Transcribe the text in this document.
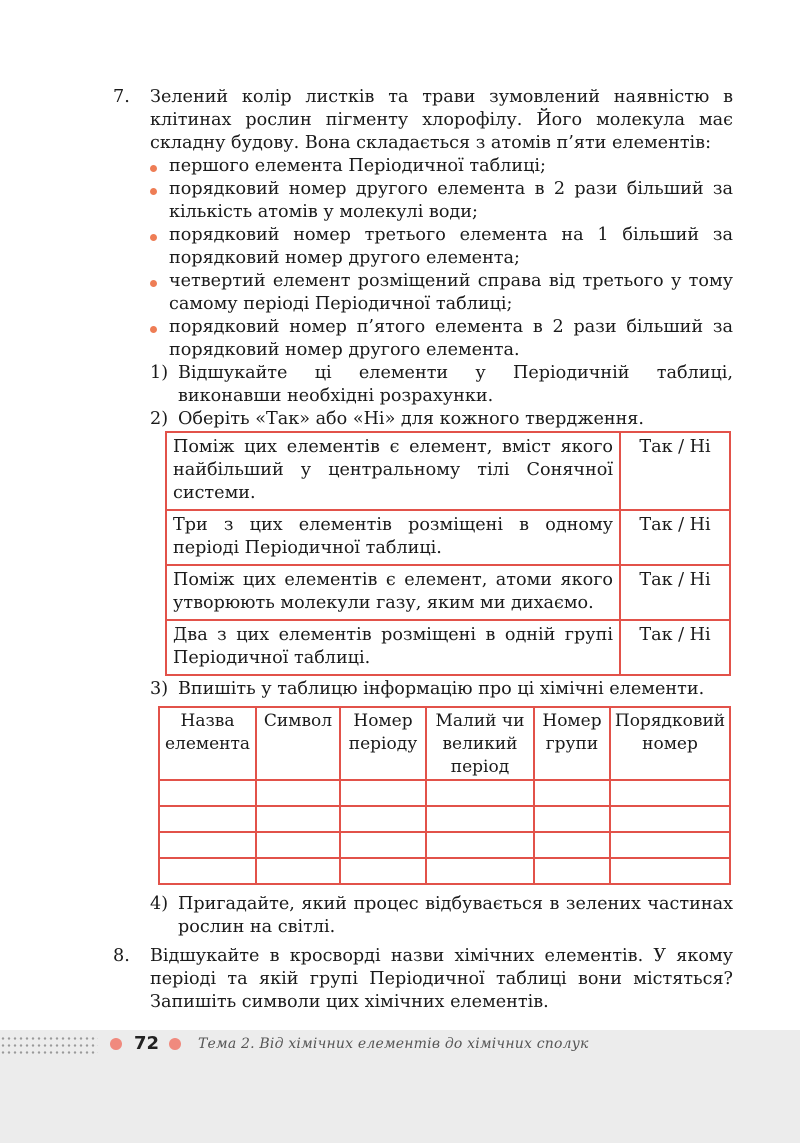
7.	Зелений колір листків та трави зумовлений наявністю в клітинах рослин пігменту хлорофілу. Його молекула має складну будову. Вона складається з атомів п’яти елементів:

першого елемента Періодичної таблиці;
порядковий номер другого елемента в 2 рази більший за кількість атомів у молекулі води;
порядковий номер третього елемента на 1 більший за порядковий номер другого елемента;
четвертий елемент розміщений справа від третього у тому самому періоді Періодичної таблиці;
порядковий номер п’ятого елемента в 2 рази більший за порядковий номер другого елемента.
1) Відшукайте ці елементи у Періодичній таблиці, виконавши необхідні розрахунки.
2) Оберіть «Так» або «Ні» для кожного твердження.
Поміж цих елементів є елемент, вміст якого найбільший у центральному тілі Сонячної системи.	Так / Ні
Три з цих елементів розміщені в одному періоді Періодичної таблиці.	Так / Ні
Поміж цих елементів є елемент, атоми якого утворюють молекули газу, яким ми дихаємо.	Так / Ні
Два з цих елементів розміщені в одній групі Періодичної таблиці.	Так / Ні
3) Впишіть у таблицю інформацію про ці хімічні елементи.
Назва елемента	Символ	Номер періоду	Малий чи великий період	Номер групи	Порядковий номер

4) Пригадайте, який процес відбувається в зелених частинах рослин на світлі.
8.	Відшукайте в кросворді назви хімічних елементів. У якому періоді та якій групі Періодичної таблиці вони містяться? Запишіть символи цих хімічних елементів.

72	Тема 2. Від хімічних елементів до хімічних сполук
